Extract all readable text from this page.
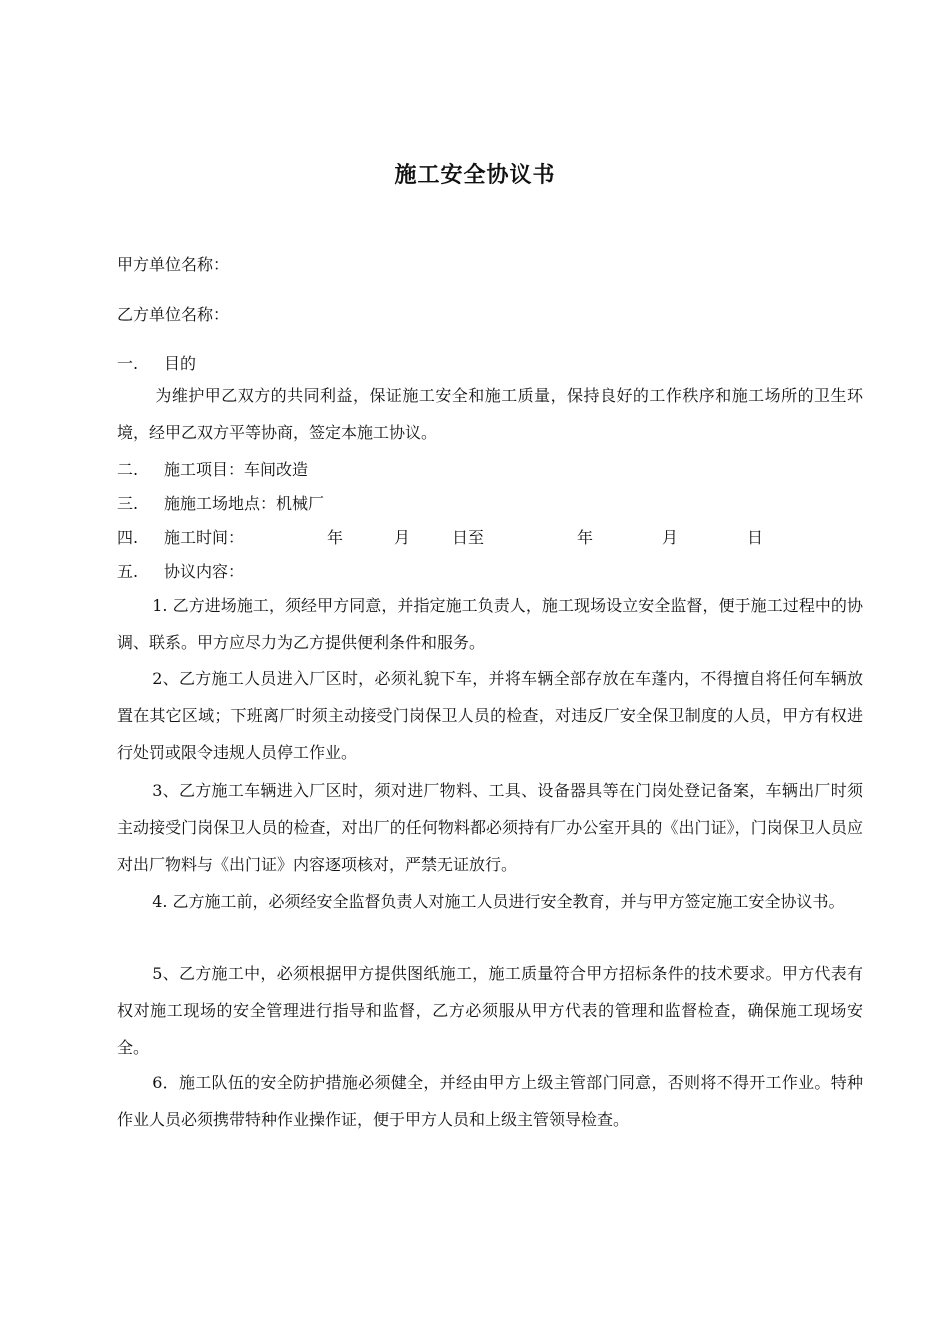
施工安全协议书
甲方单位名称：
乙方单位名称：
一. 目的
为维护甲乙双方的共同利益，保证施工安全和施工质量，保持良好的工作秩序和施工场所的卫生环境，经甲乙双方平等协商，签定本施工协议。
二. 施工项目：车间改造
三. 施施工场地点：机械厂
四. 施工时间：	年	月	日至	年	月	日
五. 协议内容：
1. 乙方进场施工，须经甲方同意，并指定施工负责人，施工现场设立安全监督，便于施工过程中的协调、联系。甲方应尽力为乙方提供便利条件和服务。
2、乙方施工人员进入厂区时，必须礼貌下车，并将车辆全部存放在车蓬内，不得擅自将任何车辆放置在其它区域；下班离厂时须主动接受门岗保卫人员的检查，对违反厂安全保卫制度的人员，甲方有权进行处罚或限令违规人员停工作业。
3、乙方施工车辆进入厂区时，须对进厂物料、工具、设备器具等在门岗处登记备案，车辆出厂时须主动接受门岗保卫人员的检查，对出厂的任何物料都必须持有厂办公室开具的《出门证》，门岗保卫人员应对出厂物料与《出门证》内容逐项核对，严禁无证放行。
4. 乙方施工前，必须经安全监督负责人对施工人员进行安全教育，并与甲方签定施工安全协议书。
5、乙方施工中，必须根据甲方提供图纸施工，施工质量符合甲方招标条件的技术要求。甲方代表有权对施工现场的安全管理进行指导和监督，乙方必须服从甲方代表的管理和监督检查，确保施工现场安全。
6．施工队伍的安全防护措施必须健全，并经由甲方上级主管部门同意，否则将不得开工作业。特种作业人员必须携带特种作业操作证，便于甲方人员和上级主管领导检查。
